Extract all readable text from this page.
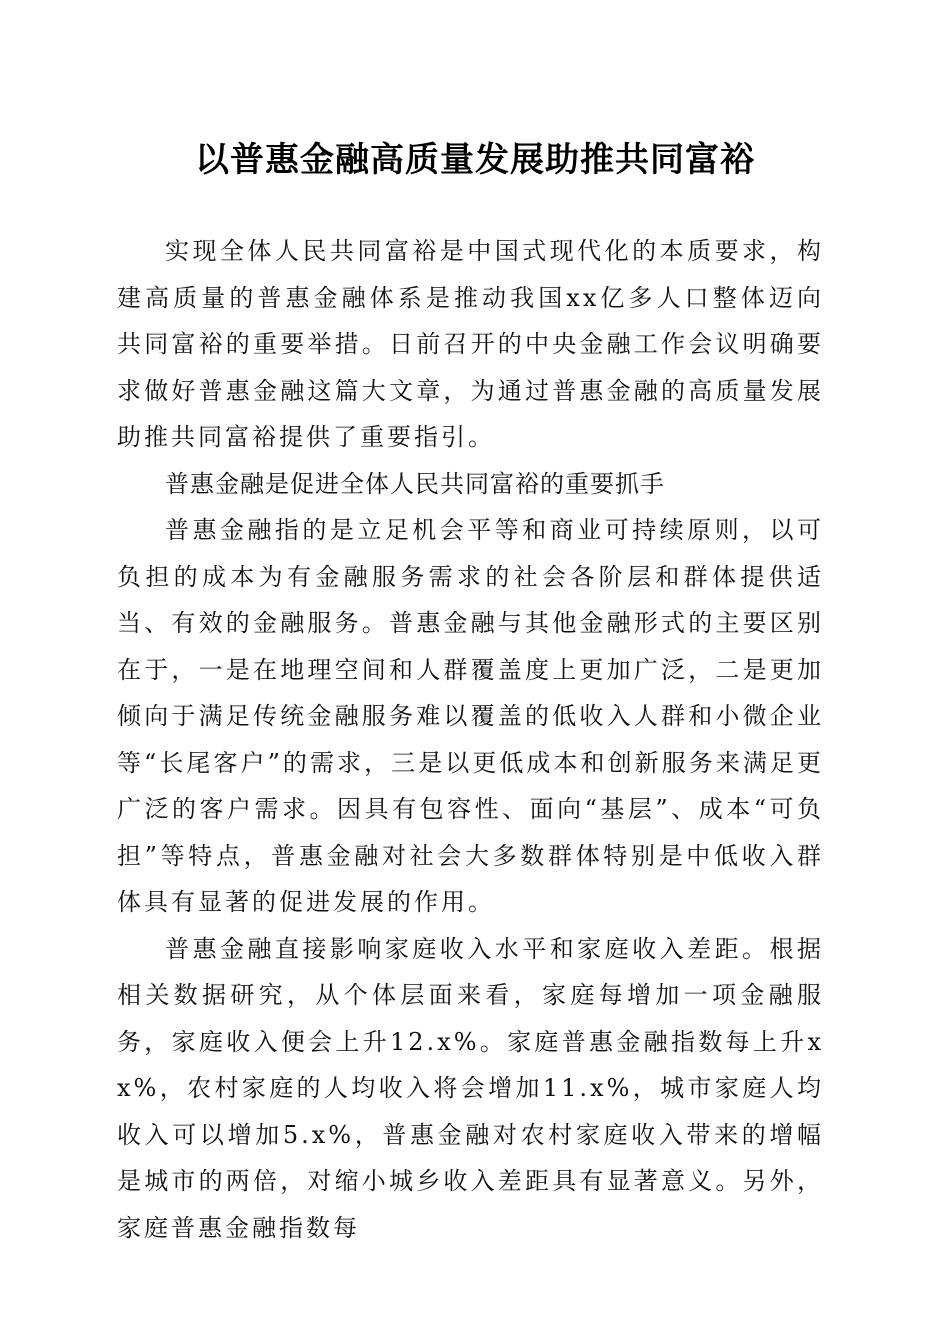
以普惠金融高质量发展助推共同富裕

实现全体人民共同富裕是中国式现代化的本质要求，构建高质量的普惠金融体系是推动我国xx亿多人口整体迈向共同富裕的重要举措。日前召开的中央金融工作会议明确要求做好普惠金融这篇大文章，为通过普惠金融的高质量发展助推共同富裕提供了重要指引。

普惠金融是促进全体人民共同富裕的重要抓手

普惠金融指的是立足机会平等和商业可持续原则，以可负担的成本为有金融服务需求的社会各阶层和群体提供适当、有效的金融服务。普惠金融与其他金融形式的主要区别在于，一是在地理空间和人群覆盖度上更加广泛，二是更加倾向于满足传统金融服务难以覆盖的低收入人群和小微企业等“长尾客户”的需求，三是以更低成本和创新服务来满足更广泛的客户需求。因具有包容性、面向“基层”、成本“可负担”等特点，普惠金融对社会大多数群体特别是中低收入群体具有显著的促进发展的作用。

普惠金融直接影响家庭收入水平和家庭收入差距。根据相关数据研究，从个体层面来看，家庭每增加一项金融服务，家庭收入便会上升12.x%。家庭普惠金融指数每上升xx%，农村家庭的人均收入将会增加11.x%，城市家庭人均收入可以增加5.x%，普惠金融对农村家庭收入带来的增幅是城市的两倍，对缩小城乡收入差距具有显著意义。另外，家庭普惠金融指数每
